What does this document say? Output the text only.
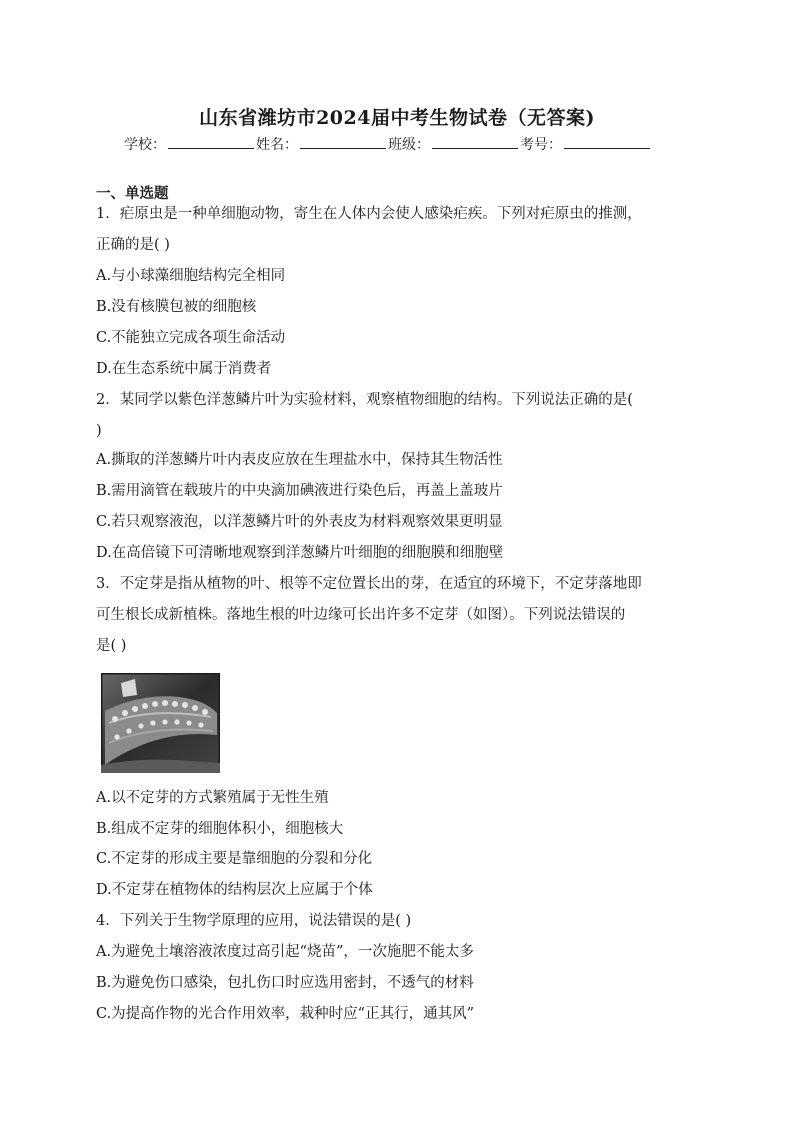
山东省潍坊市2024届中考生物试卷（无答案)
学校：	姓名：	班级：	考号：
一、单选题
1．疟原虫是一种单细胞动物，寄生在人体内会使人感染疟疾。下列对疟原虫的推测，
正确的是( )
A.与小球藻细胞结构完全相同
B.没有核膜包被的细胞核
C.不能独立完成各项生命活动
D.在生态系统中属于消费者
2．某同学以紫色洋葱鳞片叶为实验材料，观察植物细胞的结构。下列说法正确的是(
)
A.撕取的洋葱鳞片叶内表皮应放在生理盐水中，保持其生物活性
B.需用滴管在载玻片的中央滴加碘液进行染色后，再盖上盖玻片
C.若只观察液泡，以洋葱鳞片叶的外表皮为材料观察效果更明显
D.在高倍镜下可清晰地观察到洋葱鳞片叶细胞的细胞膜和细胞壁
3．不定芽是指从植物的叶、根等不定位置长出的芽，在适宜的环境下，不定芽落地即
可生根长成新植株。落地生根的叶边缘可长出许多不定芽（如图）。下列说法错误的
是( )
A.以不定芽的方式繁殖属于无性生殖
B.组成不定芽的细胞体积小，细胞核大
C.不定芽的形成主要是靠细胞的分裂和分化
D.不定芽在植物体的结构层次上应属于个体
4．下列关于生物学原理的应用，说法错误的是( )
A.为避免土壤溶液浓度过高引起“烧苗”，一次施肥不能太多
B.为避免伤口感染，包扎伤口时应选用密封，不透气的材料
C.为提高作物的光合作用效率，栽种时应“正其行，通其风”
